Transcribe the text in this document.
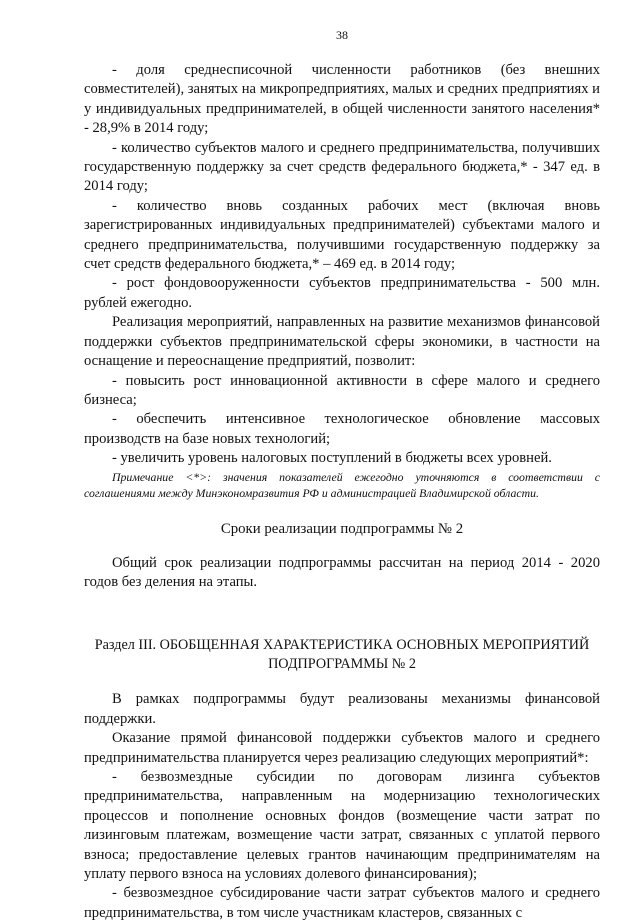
38

- доля среднесписочной численности работников (без внешних совместителей), занятых на микропредприятиях, малых и средних предприятиях и у индивидуальных предпринимателей, в общей численности занятого населения* - 28,9% в 2014 году;

- количество субъектов малого и среднего предпринимательства, получивших государственную поддержку за счет средств федерального бюджета,* - 347 ед. в 2014 году;

- количество вновь созданных рабочих мест (включая вновь зарегистрированных индивидуальных предпринимателей) субъектами малого и среднего предпринимательства, получившими государственную поддержку за счет средств федерального бюджета,* – 469 ед. в 2014 году;

- рост фондовооруженности субъектов предпринимательства - 500 млн. рублей ежегодно.

Реализация мероприятий, направленных на развитие механизмов финансовой поддержки субъектов предпринимательской сферы экономики, в частности на оснащение и переоснащение предприятий, позволит:

- повысить рост инновационной активности в сфере малого и среднего бизнеса;

- обеспечить интенсивное технологическое обновление массовых производств на базе новых технологий;

- увеличить уровень налоговых поступлений в бюджеты всех уровней.

Примечание <*>: значения показателей ежегодно уточняются в соответствии с соглашениями между Минэкономразвития РФ и администрацией Владимирской области.

Сроки реализации подпрограммы № 2

Общий срок реализации подпрограммы рассчитан на период 2014 - 2020 годов без деления на этапы.

Раздел III. ОБОБЩЕННАЯ ХАРАКТЕРИСТИКА ОСНОВНЫХ МЕРОПРИЯТИЙ
ПОДПРОГРАММЫ № 2

В рамках подпрограммы будут реализованы механизмы финансовой поддержки.

Оказание прямой финансовой поддержки субъектов малого и среднего предпринимательства планируется через реализацию следующих мероприятий*:

- безвозмездные субсидии по договорам лизинга субъектов предпринимательства, направленным на модернизацию технологических процессов и пополнение основных фондов (возмещение части затрат по лизинговым платежам, возмещение части затрат, связанных с уплатой первого взноса; предоставление целевых грантов начинающим предпринимателям на уплату первого взноса на условиях долевого финансирования);

- безвозмездное субсидирование части затрат субъектов малого и среднего предпринимательства, в том числе участникам кластеров, связанных с
